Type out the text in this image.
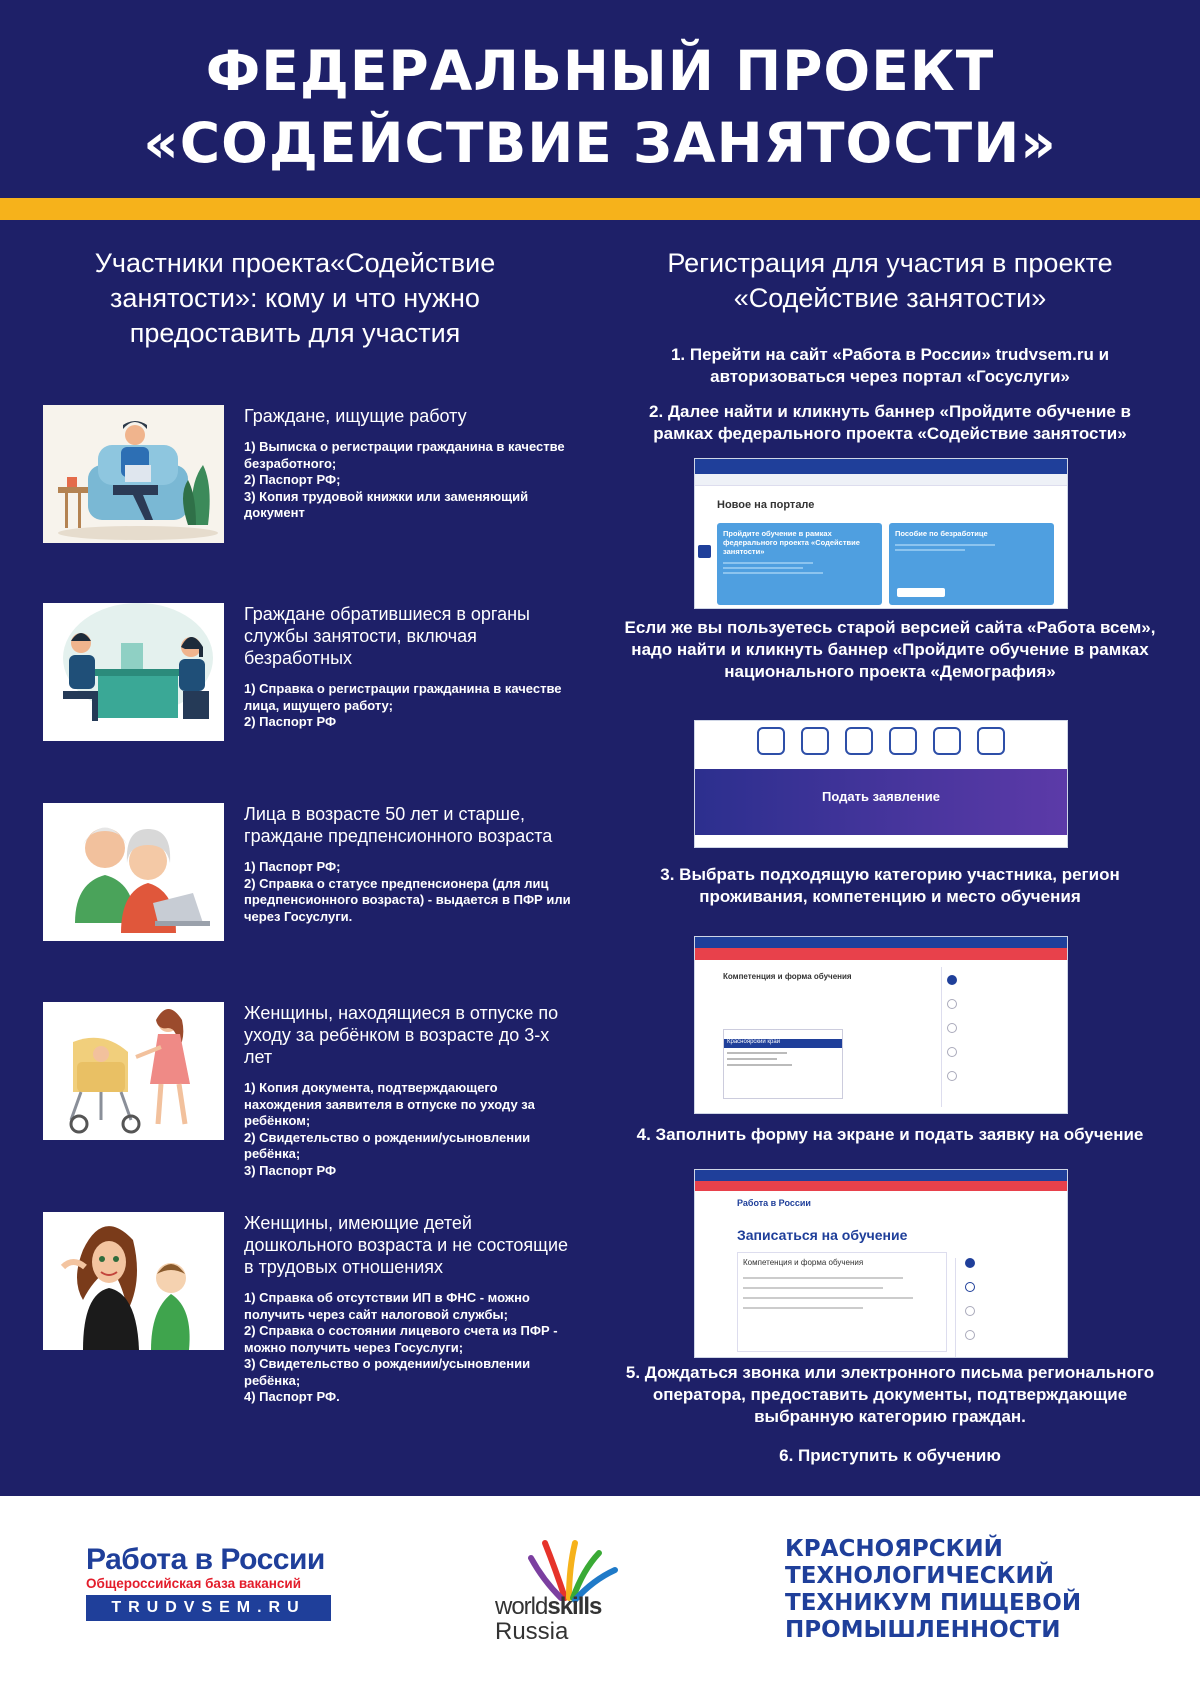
ФЕДЕРАЛЬНЫЙ ПРОЕКТ
«СОДЕЙСТВИЕ ЗАНЯТОСТИ»
Участники проекта«Содействие занятости»: кому и что нужно предоставить для участия
Регистрация для участия в проекте «Содействие занятости»
Граждане, ищущие работу
1) Выписка о регистрации гражданина в качестве безработного;
2) Паспорт РФ;
3) Копия трудовой книжки или заменяющий документ
Граждане обратившиеся в органы службы занятости, включая безработных
1) Справка о регистрации гражданина в качестве лица, ищущего работу;
2) Паспорт РФ
Лица в возрасте 50 лет и старше, граждане предпенсионного возраста
1) Паспорт РФ;
2) Справка о статусе предпенсионера (для лиц предпенсионного возраста) - выдается в ПФР или через Госуслуги.
Женщины, находящиеся в отпуске по уходу за ребёнком в возрасте до 3-х лет
1) Копия документа, подтверждающего нахождения заявителя в отпуске по уходу за ребёнком;
2) Свидетельство о рождении/усыновлении ребёнка;
3) Паспорт РФ
Женщины, имеющие детей дошкольного возраста и не состоящие в трудовых отношениях
1) Справка об отсутствии ИП в ФНС - можно получить через сайт налоговой службы;
2) Справка о состоянии лицевого счета из ПФР - можно получить через Госуслуги;
3) Свидетельство о рождении/усыновлении ребёнка;
4) Паспорт РФ.
1. Перейти на сайт «Работа в России» trudvsem.ru и авторизоваться через портал «Госуслуги»
2. Далее найти и кликнуть баннер «Пройдите обучение в рамках федерального проекта «Содействие занятости»
Новое на портале
Пройдите обучение в рамках федерального проекта «Содействие занятости»
Пособие по безработице
Если же вы пользуетесь старой версией сайта «Работа всем», надо найти и кликнуть баннер «Пройдите обучение в рамках национального проекта «Демография»
Подать заявление
3. Выбрать подходящую категорию участника, регион проживания, компетенцию и место обучения
Компетенция и форма обучения
Красноярский край
4. Заполнить форму на экране и подать заявку на обучение
Работа в России
Записаться на обучение
Компетенция и форма обучения
5. Дождаться звонка или электронного письма регионального оператора, предоставить документы, подтверждающие выбранную категорию граждан.
6. Приступить к обучению
Работа в России
Общероссийская база вакансий
TRUDVSEM.RU	worldskills
Russia
КРАСНОЯРСКИЙ
ТЕХНОЛОГИЧЕСКИЙ
ТЕХНИКУМ ПИЩЕВОЙ
ПРОМЫШЛЕННОСТИ
